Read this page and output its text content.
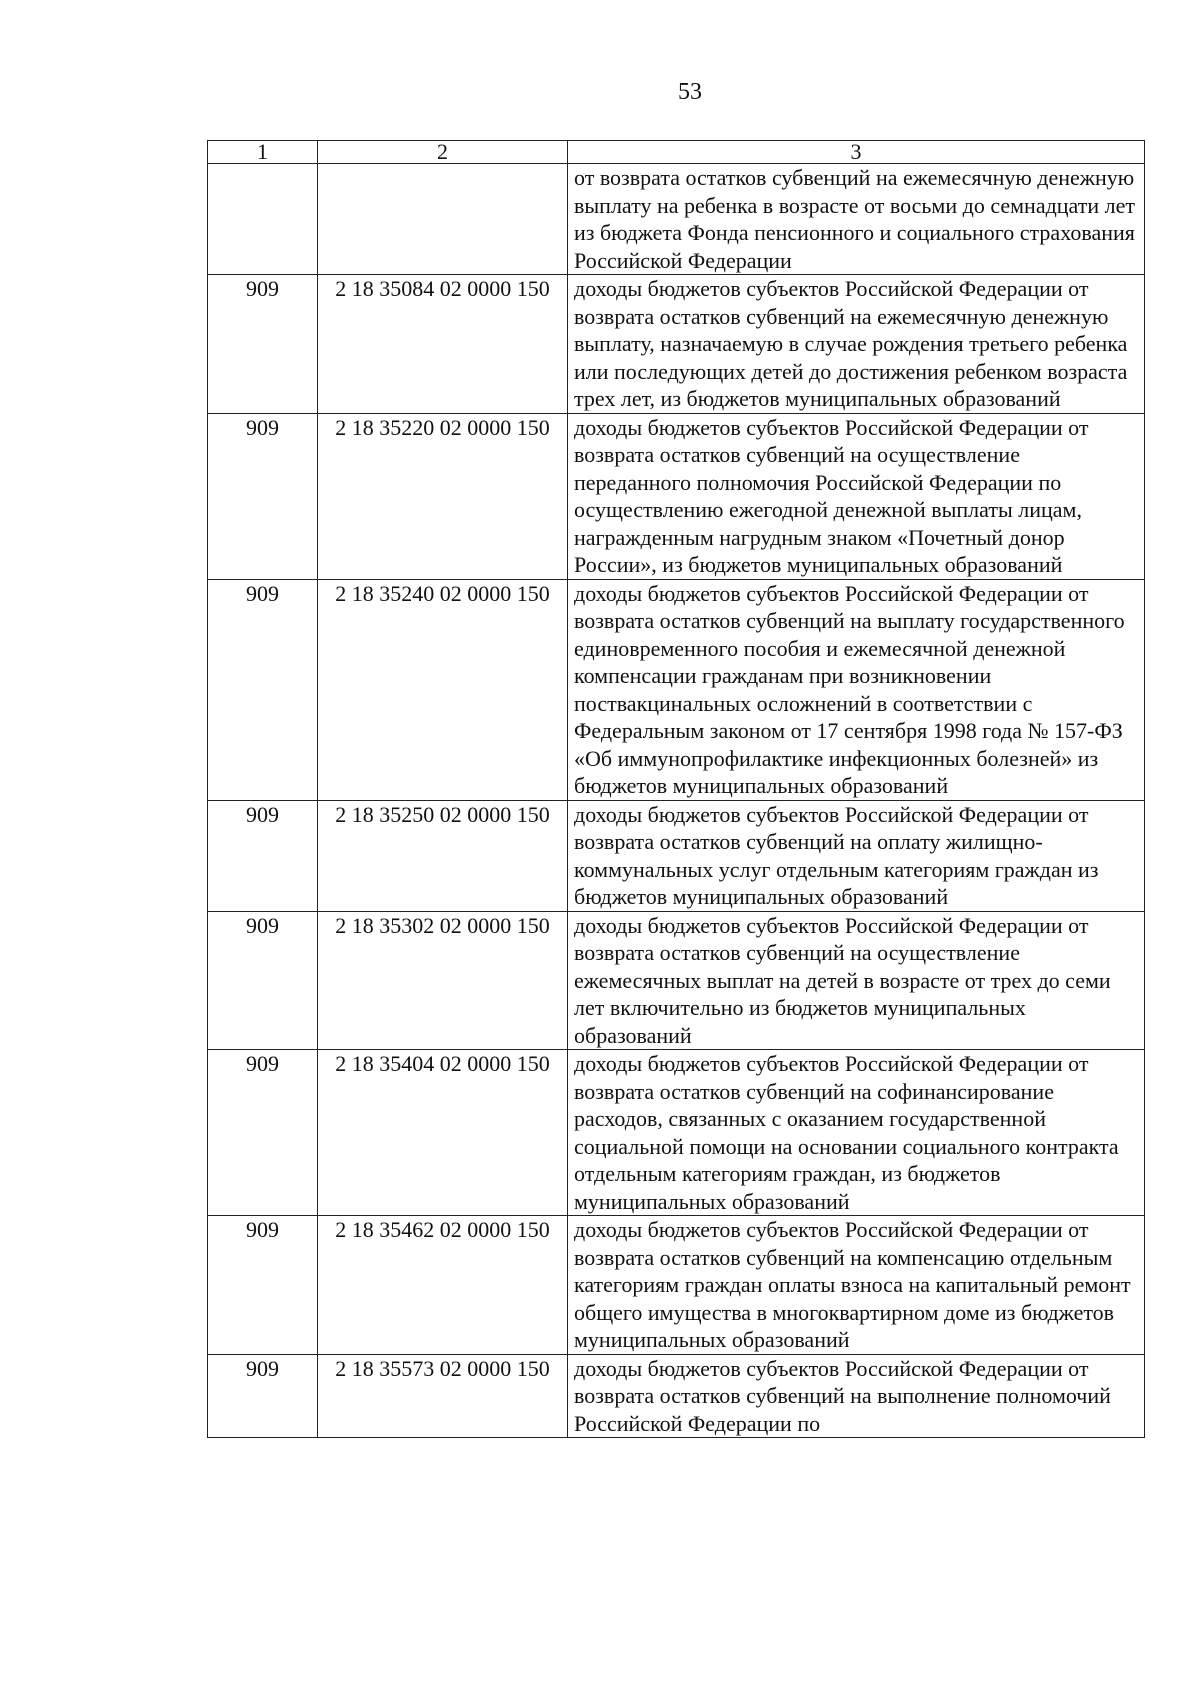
53
1	2	3
		от возврата остатков субвенций на ежемесячную денежную выплату на ребенка в возрасте от восьми до семнадцати лет из бюджета Фонда пенсионного и социального страхования Российской Федерации
909	2 18 35084 02 0000 150	доходы бюджетов субъектов Российской Федерации от возврата остатков субвенций на ежемесячную денежную выплату, назначаемую в случае рождения третьего ребенка или последующих детей до достижения ребенком возраста трех лет, из бюджетов муниципальных образований
909	2 18 35220 02 0000 150	доходы бюджетов субъектов Российской Федерации от возврата остатков субвенций на осуществление переданного полномочия Российской Федерации по осуществлению ежегодной денежной выплаты лицам, награжденным нагрудным знаком «Почетный донор России», из бюджетов муниципальных образований
909	2 18 35240 02 0000 150	доходы бюджетов субъектов Российской Федерации от возврата остатков субвенций на выплату государственного единовременного пособия и ежемесячной денежной компенсации гражданам при возникновении поствакцинальных осложнений в соответствии с Федеральным законом от 17 сентября 1998 года № 157-ФЗ «Об иммунопрофилактике инфекционных болезней» из бюджетов муниципальных образований
909	2 18 35250 02 0000 150	доходы бюджетов субъектов Российской Федерации от возврата остатков субвенций на оплату жилищно-коммунальных услуг отдельным категориям граждан из бюджетов муниципальных образований
909	2 18 35302 02 0000 150	доходы бюджетов субъектов Российской Федерации от возврата остатков субвенций на осуществление ежемесячных выплат на детей в возрасте от трех до семи лет включительно из бюджетов муниципальных образований
909	2 18 35404 02 0000 150	доходы бюджетов субъектов Российской Федерации от возврата остатков субвенций на софинансирование расходов, связанных с оказанием государственной социальной помощи на основании социального контракта отдельным категориям граждан, из бюджетов муниципальных образований
909	2 18 35462 02 0000 150	доходы бюджетов субъектов Российской Федерации от возврата остатков субвенций на компенсацию отдельным категориям граждан оплаты взноса на капитальный ремонт общего имущества в многоквартирном доме из бюджетов муниципальных образований
909	2 18 35573 02 0000 150	доходы бюджетов субъектов Российской Федерации от возврата остатков субвенций на выполнение полномочий Российской Федерации по
